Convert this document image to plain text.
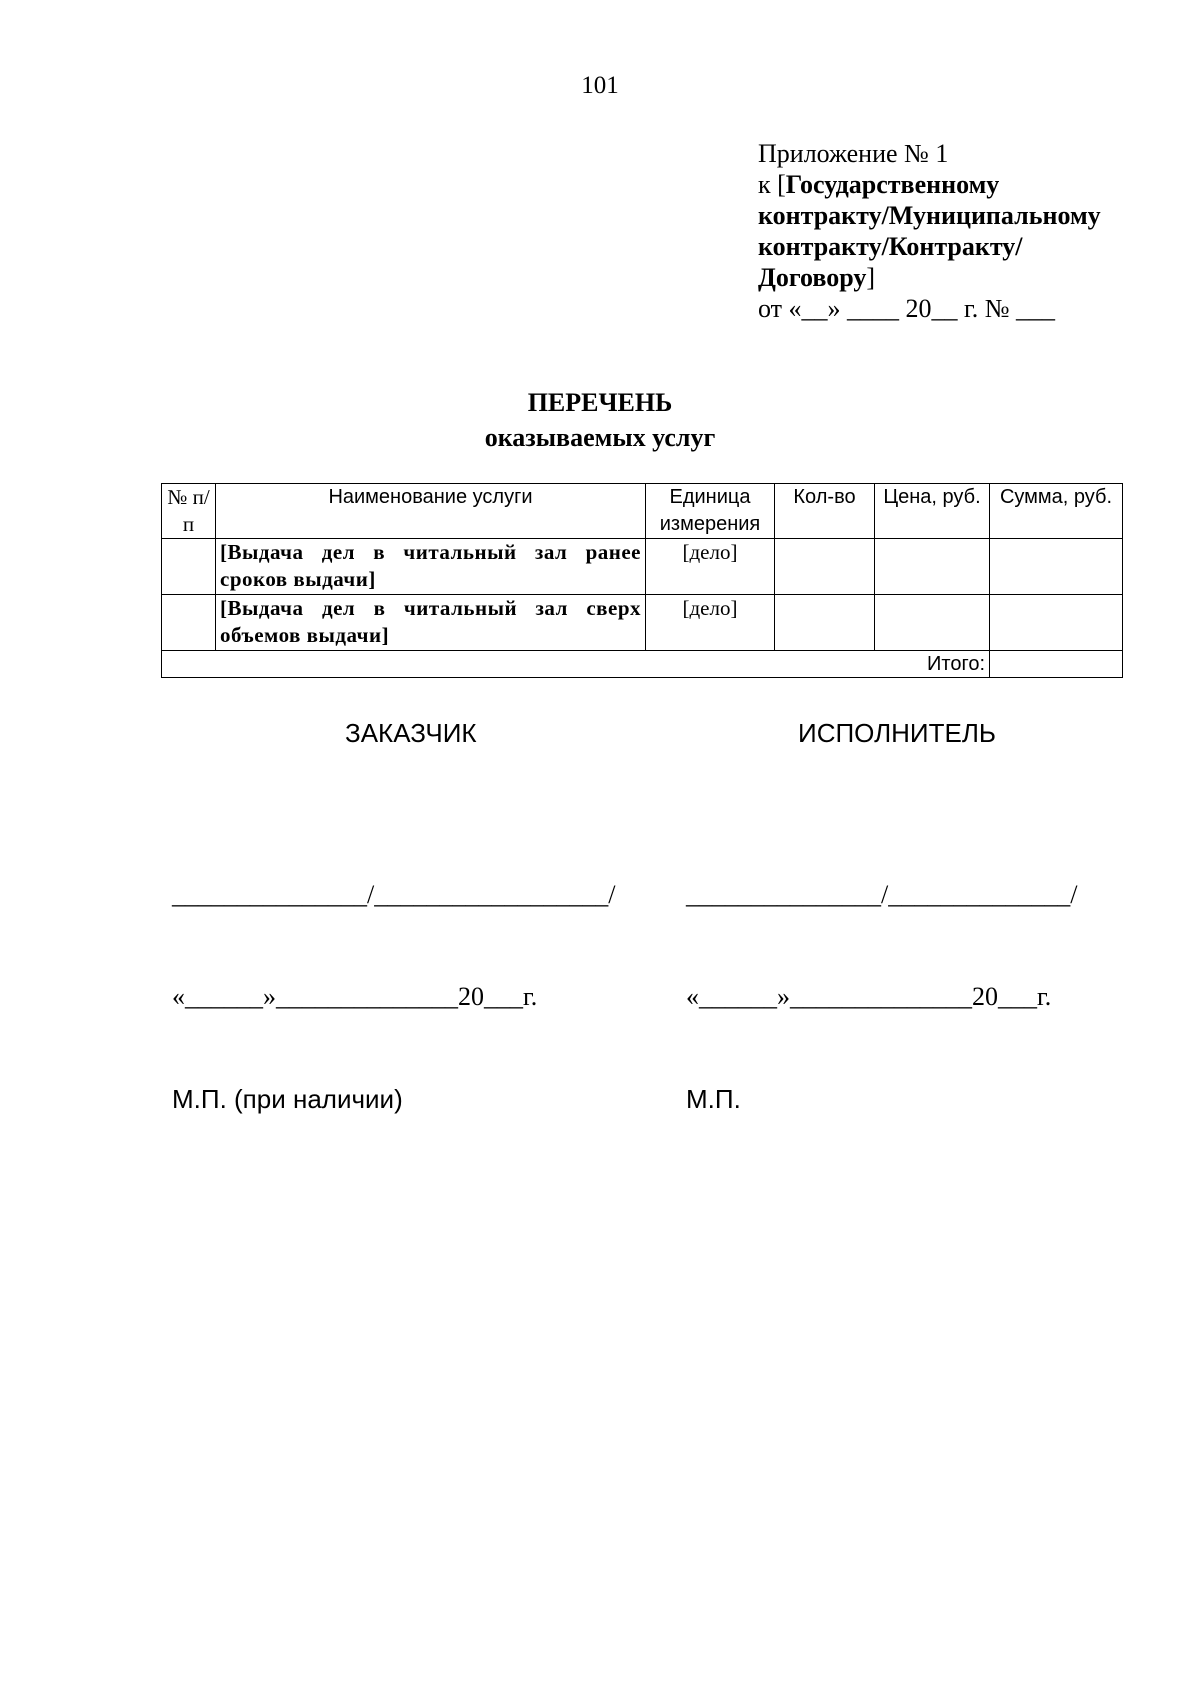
101
Приложение № 1
к [Государственному
контракту/Муниципальному
контракту/Контракту/
Договору]
от «__» ____ 20__ г. № ___
ПЕРЕЧЕНЬ
оказываемых услуг
№ п/п	Наименование услуги	Единица измерения	Кол-во	Цена, руб.	Сумма, руб.
	[Выдача дел в читальный зал ранее сроков выдачи]	[дело]			
	[Выдача дел в читальный зал сверх объемов выдачи]	[дело]			
Итого:					
ЗАКАЗЧИК	ИСПОЛНИТЕЛЬ

_______________/__________________/

«______»______________20___г.

М.П. (при наличии)

_______________/______________/

«______»______________20___г.

М.П.
